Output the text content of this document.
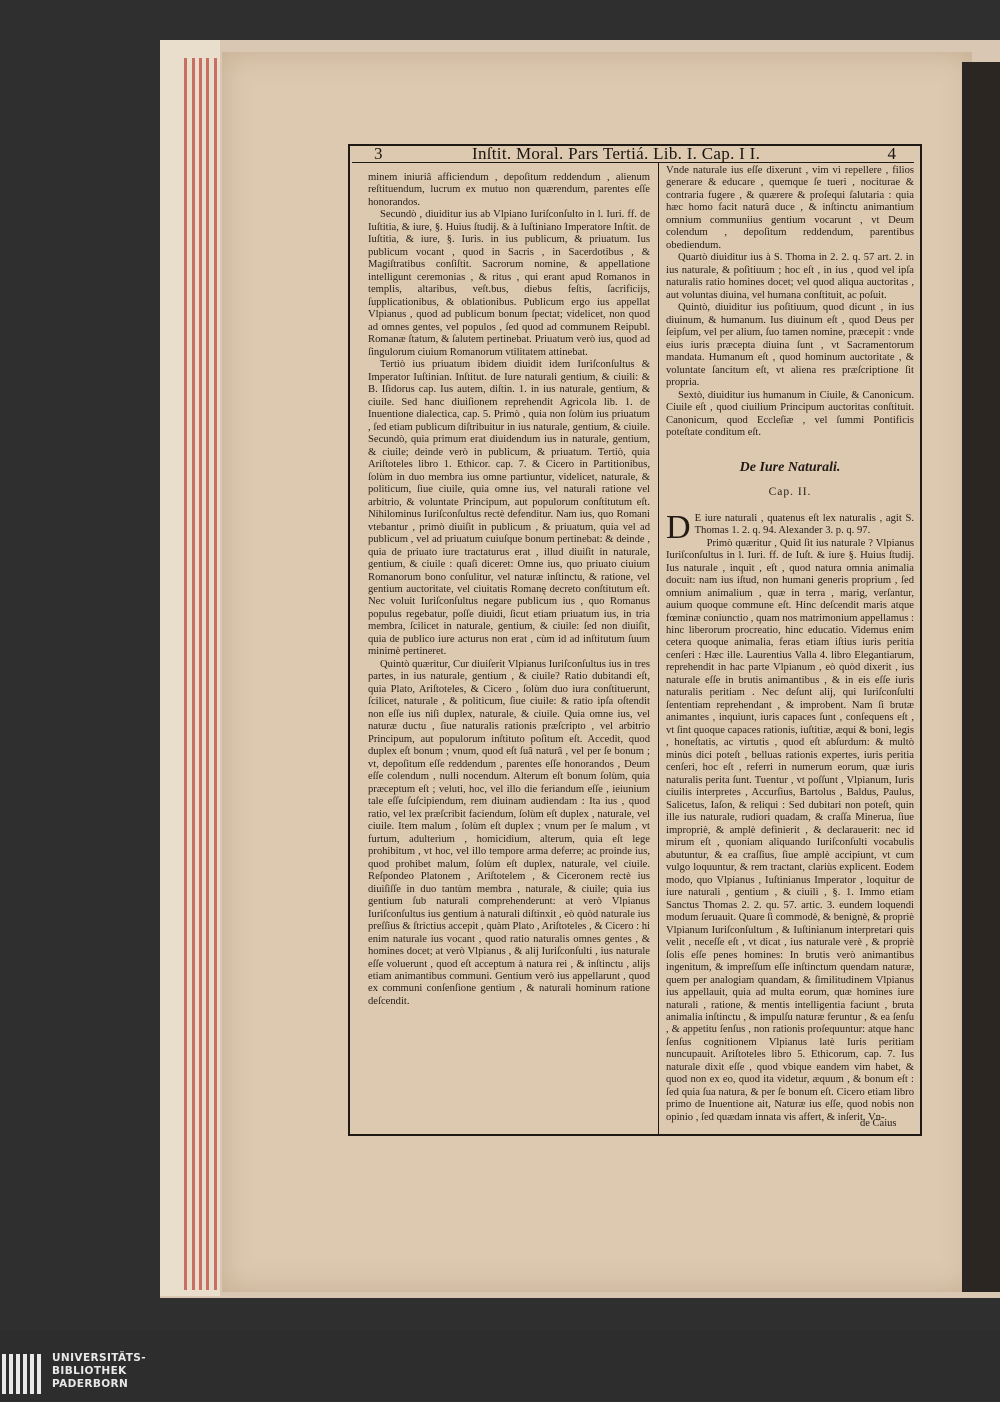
3	Inſtit. Moral. Pars Tertiá. Lib. I. Cap. I I.	4

minem iniuriâ afficiendum , depoſitum reddendum , alienum reſtituendum, lucrum ex mutuo non quærendum, parentes eſſe honorandos.

Secundò , diuiditur ius ab Vlpiano Iuriſconſulto in l. Iuri. ff. de Iuſtitia, & iure, §. Huius ſtudij. & à Iuſtiniano Imperatore Inſtit. de Iuſtitia, & iure, §. Iuris. in ius publicum, & priuatum. Ius publicum vocant , quod in Sacris , in Sacerdotibus , & Magiſtratibus conſiſtit. Sacrorum nomine, & appellatione intelligunt ceremonias , & ritus , qui erant apud Romanos in templis, altaribus, veſt.bus, diebus feſtis, ſacrificijs, ſupplicationibus, & oblationibus. Publicum ergo ius appellat Vlpianus , quod ad publicum bonum ſpectat; videlicet, non quod ad omnes gentes, vel populos , ſed quod ad communem Reipubl. Romanæ ſtatum, & ſalutem pertinebat. Priuatum verò ius, quod ad ſingulorum ciuium Romanorum vtilitatem attinebat.

Tertiò ius priuatum ibidem diuidit idem Iuriſconſultus & Imperator Iuſtinian. Inſtitut. de Iure naturali gentium, & ciuili: & B. Iſidorus cap. Ius autem, diſtin. 1. in ius naturale, gentium, & ciuile. Sed hanc diuiſionem reprehendit Agricola lib. 1. de Inuentione dialectica, cap. 5. Primò , quia non ſolùm ius priuatum , ſed etiam publicum diſtribuitur in ius naturale, gentium, & ciuile. Secundò, quia primum erat diuidendum ius in naturale, gentium, & ciuile; deinde verò in publicum, & priuatum. Tertiò, quia Ariſtoteles libro 1. Ethicor. cap. 7. & Cicero in Partitionibus, ſolùm in duo membra ius omne partiuntur, videlicet, naturale, & politicum, ſiue ciuile, quia omne ius, vel naturali ratione vel arbitrio, & voluntate Principum, aut populorum conſtitutum eſt. Nihilominus Iuriſconſultus rectè defenditur. Nam ius, quo Romani vtebantur , primò diuiſit in publicum , & priuatum, quia vel ad publicum , vel ad priuatum cuiuſque bonum pertinebat: & deinde , quia de priuato iure tractaturus erat , illud diuiſit in naturale, gentium, & ciuile : quaſi diceret: Omne ius, quo priuato ciuium Romanorum bono conſulitur, vel naturæ inſtinctu, & ratione, vel gentium auctoritate, vel ciuitatis Romanę decreto conſtitutum eſt. Nec voluit Iuriſconſultus negare publicum ius , quo Romanus populus regebatur, poſſe diuidi, ſicut etiam priuatum ius, in tria membra, ſcilicet in naturale, gentium, & ciuile: ſed non diuiſit, quia de publico iure acturus non erat , cùm id ad inſtitutum ſuum minimè pertineret.

Quintò quæritur, Cur diuiſerit Vlpianus Iuriſconſultus ius in tres partes, in ius naturale, gentium , & ciuile? Ratio dubitandi eſt, quia Plato, Ariſtoteles, & Cicero , ſolùm duo iura conſtituerunt, ſcilicet, naturale , & politicum, ſiue ciuile: & ratio ipſa oſtendit non eſſe ius niſi duplex, naturale, & ciuile. Quia omne ius, vel naturæ ductu , ſiue naturalis rationis præſcripto , vel arbitrio Principum, aut populorum inſtituto poſitum eſt. Accedit, quod duplex eſt bonum ; vnum, quod eſt ſuâ naturâ , vel per ſe bonum ; vt, depoſitum eſſe reddendum , parentes eſſe honorandos , Deum eſſe colendum , nulli nocendum. Alterum eſt bonum ſolùm, quia præceptum eſt ; veluti, hoc, vel illo die feriandum eſſe , ieiunium tale eſſe ſuſcipiendum, rem diuinam audiendam : Ita ius , quod ratio, vel lex præſcribit faciendum, ſolùm eſt duplex , naturale, vel ciuile. Item malum , ſolùm eſt duplex ; vnum per ſe malum , vt furtum, adulterium , homicidium, alterum, quia eſt lege prohibitum , vt hoc, vel illo tempore arma deferre; ac proinde ius, quod prohibet malum, ſolùm eſt duplex, naturale, vel ciuile. Reſpondeo Platonem , Ariſtotelem , & Ciceronem rectè ius diuiſiſſe in duo tantùm membra , naturale, & ciuile; quia ius gentium ſub naturali comprehenderunt: at verò Vlpianus Iuriſconſultus ius gentium à naturali diſtinxit , eò quòd naturale ius preſſius & ſtrictius accepit , quàm Plato , Ariſtoteles , & Cicero : hi enim naturale ius vocant , quod ratio naturalis omnes gentes , & homines docet; at verò Vlpianus , & alij Iuriſconſulti , ius naturale eſſe voluerunt , quod eſt acceptum à natura rei , & inſtinctu , alijs etiam animantibus communi. Gentium verò ius appellarunt , quod ex communi conſenſione gentium , & naturali hominum ratione deſcendit.

Vnde naturale ius eſſe dixerunt , vim vi repellere , filios generare & educare , quemque ſe tueri , nociturae & contraria fugere , & quærere & proſequi ſalutaria : quia hæc homo facit naturâ duce , & inſtinctu animantium omnium communiius gentium vocarunt , vt Deum colendum , depoſitum reddendum, parentibus obediendum.

Quartò diuiditur ius à S. Thoma in 2. 2. q. 57 art. 2. in ius naturale, & poſitiuum ; hoc eſt , in ius , quod vel ipſa naturalis ratio homines docet; vel quod aliqua auctoritas , aut voluntas diuina, vel humana conſtituit, ac poſuit.

Quintò, diuiditur ius poſitiuum, quod dicunt , in ius diuinum, & humanum. Ius diuinum eſt , quod Deus per ſeipſum, vel per alium, ſuo tamen nomine, præcepit : vnde eius iuris præcepta diuina ſunt , vt Sacramentorum mandata. Humanum eſt , quod hominum auctoritate , & voluntate ſancitum eſt, vt aliena res præſcriptione ſit propria.

Sextò, diuiditur ius humanum in Ciuile, & Canonicum. Ciuile eſt , quod ciuilium Principum auctoritas conſtituit. Canonicum, quod Eccleſiæ , vel ſummi Pontificis poteſtate conditum eſt.

De Iure Naturali.

Cap. II.

D E iure naturali , quatenus eſt lex naturalis , agit S. Thomas 1. 2. q. 94. Alexander 3. p. q. 97.

Primò quæritur , Quid ſit ius naturale ? Vlpianus Iuriſconſultus in l. Iuri. ff. de Iuſt. & iure §. Huius ſtudij. Ius naturale , inquit , eſt , quod natura omnia animalia docuit: nam ius iſtud, non humani generis proprium , ſed omnium animalium , quæ in terra , marig, verſantur, auium quoque commune eſt. Hinc deſcendit maris atque fœminæ coniunctio , quam nos matrimonium appellamus : hinc liberorum procreatio, hinc educatio. Videmus enim cetera quoque animalia, feras etiam iſtius iuris peritia cenſeri : Hæc ille. Laurentius Valla 4. libro Elegantiarum, reprehendit in hac parte Vlpianum , eò quòd dixerit , ius naturale eſſe in brutis animantibus , & in eis eſſe iuris naturalis peritiam . Nec deſunt alij, qui Iuriſconſulti ſententiam reprehendant , & improbent. Nam ſi brutæ animantes , inquiunt, iuris capaces ſunt , conſequens eſt , vt ſint quoque capaces rationis, iuſtitiæ, æqui & boni, legis , honeſtatis, ac virtutis , quod eſt abſurdum: & multò minùs dici poteſt , belluas rationis expertes, iuris peritia cenſeri, hoc eſt , referri in numerum eorum, quæ iuris naturalis perita ſunt. Tuentur , vt poſſunt , Vlpianum, Iuris ciuilis interpretes , Accurſius, Bartolus , Baldus, Paulus, Salicetus, Iaſon, & reliqui : Sed dubitari non poteſt, quin ille ius naturale, rudiori quadam, & craſſa Minerua, ſiue impropriè, & amplè definierit , & declarauerit: nec id mirum eſt , quoniam aliquando Iuriſconſulti vocabulis abutuntur, & ea craſſius, ſiue amplè accipiunt, vt cum vulgo loquuntur, & rem tractant, clariùs explicent. Eodem modo, quo Vlpianus , Iuſtinianus Imperator , loquitur de iure naturali , gentium , & ciuili , §. 1. Immo etiam Sanctus Thomas 2. 2. qu. 57. artic. 3. eundem loquendi modum ſeruauit. Quare ſi commodè, & benignè, & propriè Vlpianum Iuriſconſultum , & Iuſtinianum interpretari quis velit , neceſſe eſt , vt dicat , ius naturale verè , & propriè ſolis eſſe penes homines: In brutis verò animantibus ingenitum, & impreſſum eſſe inſtinctum quendam naturæ, quem per analogiam quandam, & ſimilitudinem Vlpianus ius appellauit, quia ad multa eorum, quæ homines iure naturali , ratione, & mentis intelligentia faciunt , bruta animalia inſtinctu , & impulſu naturæ feruntur , & ea ſenſu , & appetitu ſenſus , non rationis proſequuntur: atque hanc ſenſus cognitionem Vlpianus latè Iuris peritiam nuncupauit. Ariſtoteles libro 5. Ethicorum, cap. 7. Ius naturale dixit eſſe , quod vbique eandem vim habet, & quod non ex eo, quod ita videtur, æquum , & bonum eſt : ſed quia ſua natura, & per ſe bonum eſt. Cicero etiam libro primo de Inuentione ait, Naturæ ius eſſe, quod nobis non opinio , ſed quædam innata vis affert, & inſerit. Vn-

de Caius
UNIVERSITÄTS-
BIBLIOTHEK
PADERBORN
